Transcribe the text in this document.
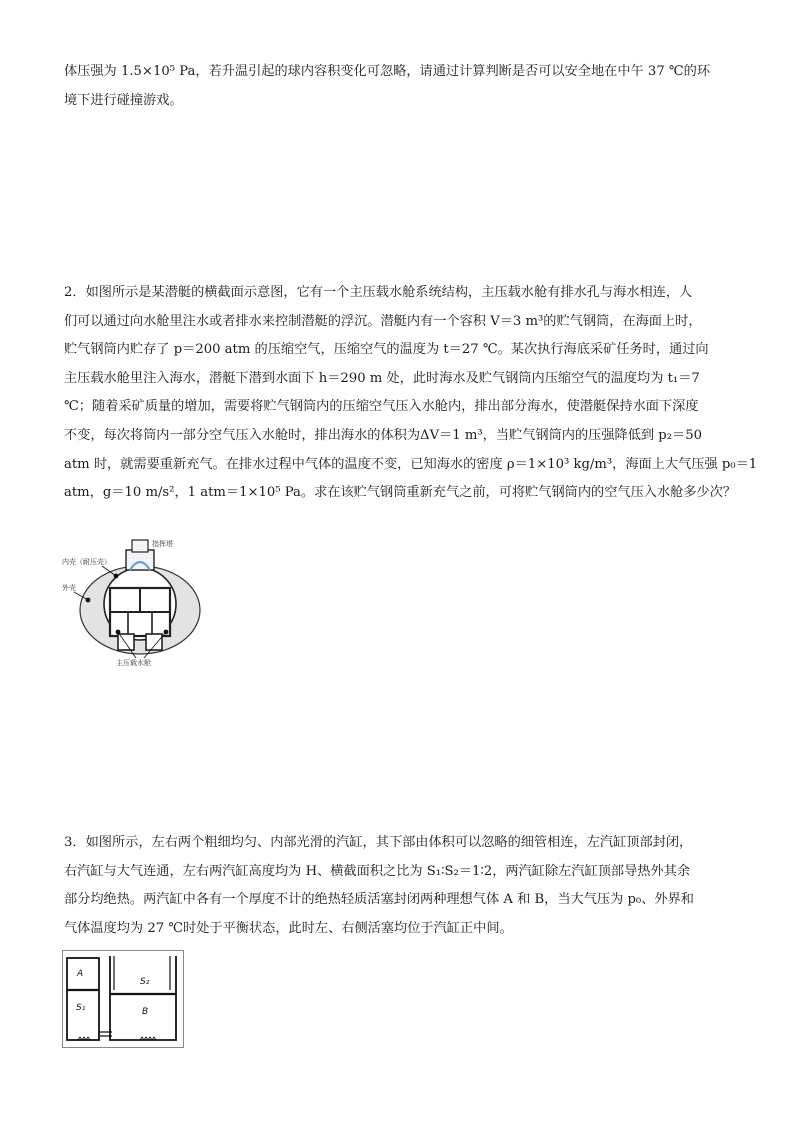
体压强为 1.5×10⁵ Pa，若升温引起的球内容积变化可忽略，请通过计算判断是否可以安全地在中午 37 ℃的环
境下进行碰撞游戏。
2．如图所示是某潜艇的横截面示意图，它有一个主压载水舱系统结构，主压载水舱有排水孔与海水相连，人
们可以通过向水舱里注水或者排水来控制潜艇的浮沉。潜艇内有一个容积 V＝3 m³的贮气钢筒，在海面上时，
贮气钢筒内贮存了 p＝200 atm 的压缩空气，压缩空气的温度为 t＝27 ℃。某次执行海底采矿任务时，通过向
主压载水舱里注入海水，潜艇下潜到水面下 h＝290 m 处，此时海水及贮气钢筒内压缩空气的温度均为 t₁＝7
℃；随着采矿质量的增加，需要将贮气钢筒内的压缩空气压入水舱内，排出部分海水，使潜艇保持水面下深度
不变，每次将筒内一部分空气压入水舱时，排出海水的体积为ΔV＝1 m³，当贮气钢筒内的压强降低到 p₂＝50
atm 时，就需要重新充气。在排水过程中气体的温度不变，已知海水的密度 ρ＝1×10³ kg/m³，海面上大气压强 p₀＝1
atm，g＝10 m/s²，1 atm＝1×10⁵ Pa。求在该贮气钢筒重新充气之前，可将贮气钢筒内的空气压入水舱多少次？
内壳（耐压壳）
指挥塔
外壳
主压载水舱
3．如图所示，左右两个粗细均匀、内部光滑的汽缸，其下部由体积可以忽略的细管相连，左汽缸顶部封闭，
右汽缸与大气连通，左右两汽缸高度均为 H、横截面积之比为 S₁∶S₂＝1∶2，两汽缸除左汽缸顶部导热外其余
部分均绝热。两汽缸中各有一个厚度不计的绝热轻质活塞封闭两种理想气体 A 和 B，当大气压为 p₀、外界和
气体温度均为 27 ℃时处于平衡状态，此时左、右侧活塞均位于汽缸正中间。
A
S₁
S₂
B
